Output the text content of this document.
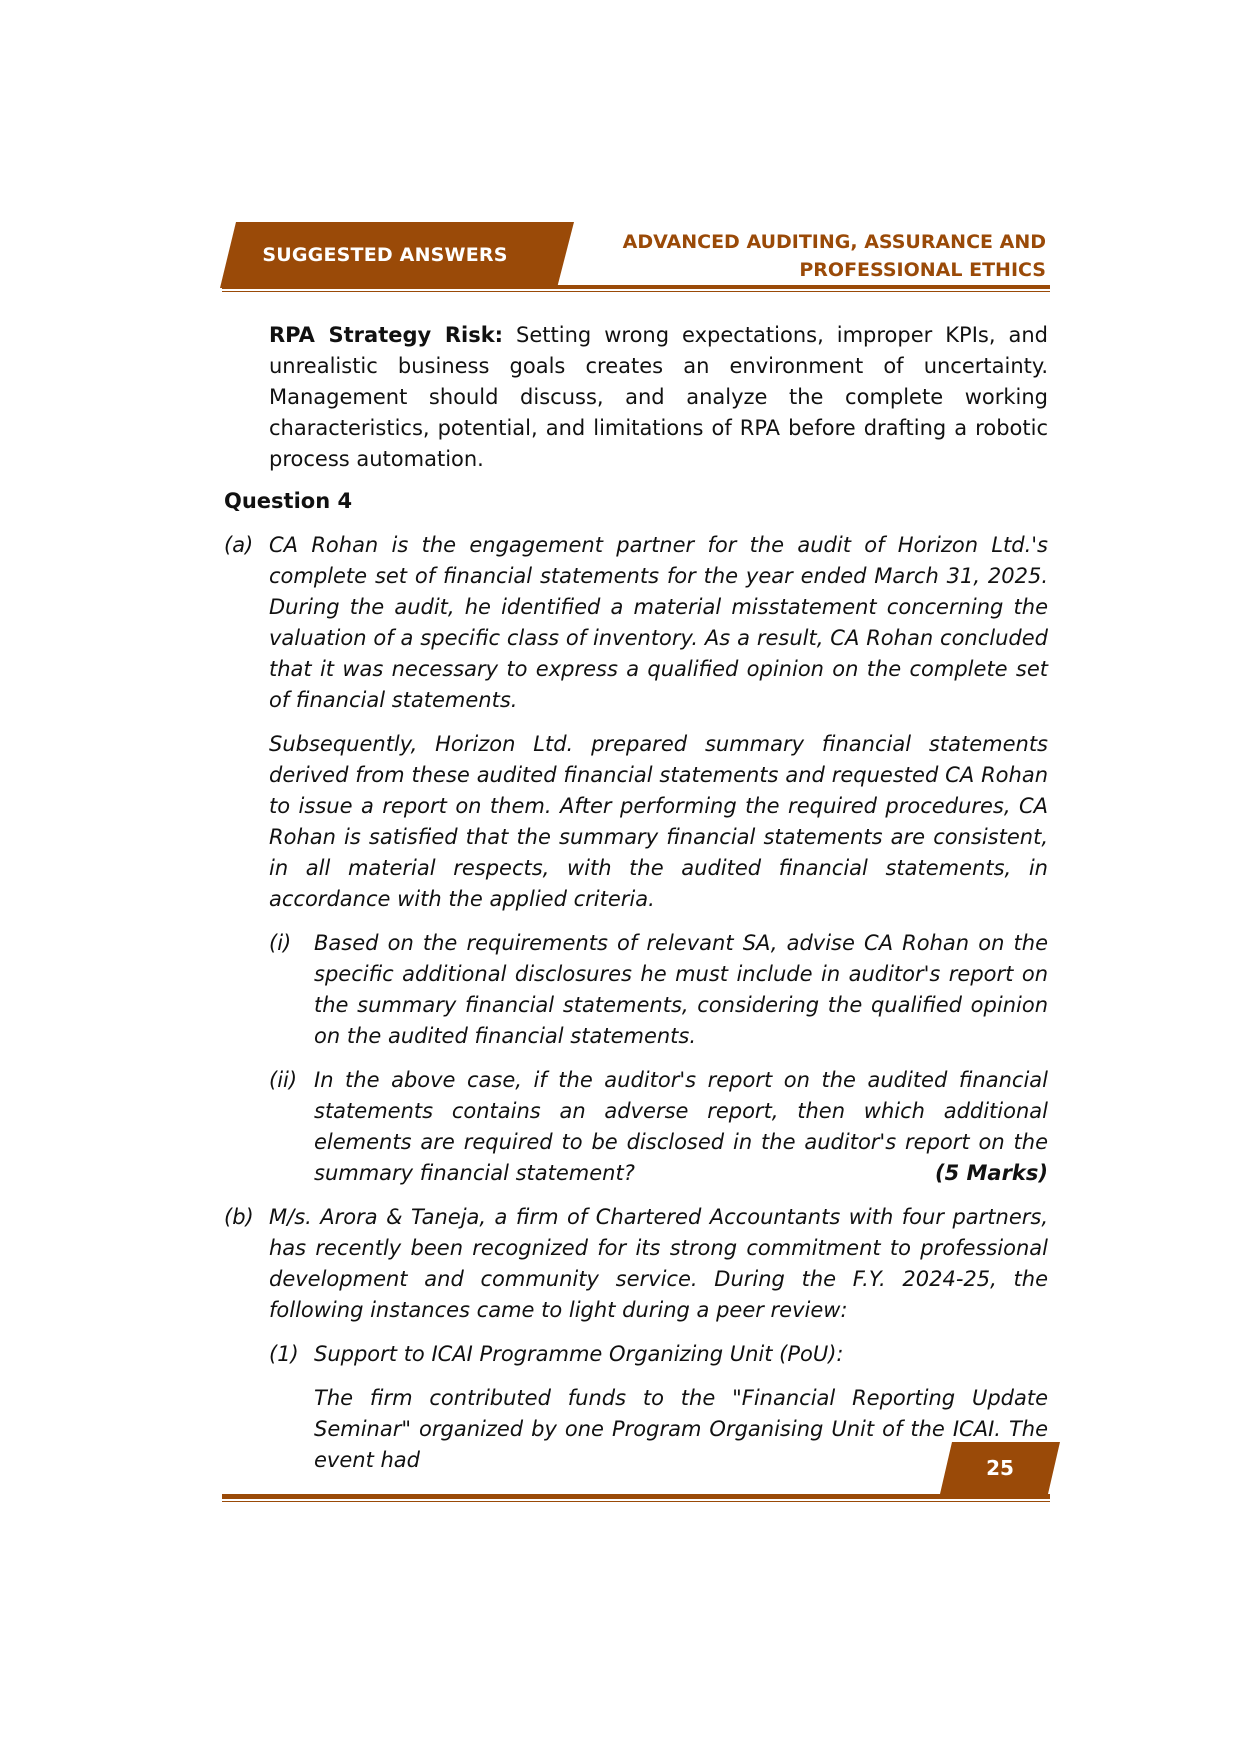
SUGGESTED ANSWERS
ADVANCED AUDITING, ASSURANCE AND
PROFESSIONAL ETHICS

RPA Strategy Risk: Setting wrong expectations, improper KPIs, and unrealistic business goals creates an environment of uncertainty. Management should discuss, and analyze the complete working characteristics, potential, and limitations of RPA before drafting a robotic process automation.

Question 4

(a) CA Rohan is the engagement partner for the audit of Horizon Ltd.'s complete set of financial statements for the year ended March 31, 2025. During the audit, he identified a material misstatement concerning the valuation of a specific class of inventory. As a result, CA Rohan concluded that it was necessary to express a qualified opinion on the complete set of financial statements.

Subsequently, Horizon Ltd. prepared summary financial statements derived from these audited financial statements and requested CA Rohan to issue a report on them. After performing the required procedures, CA Rohan is satisfied that the summary financial statements are consistent, in all material respects, with the audited financial statements, in accordance with the applied criteria.

(i)	Based on the requirements of relevant SA, advise CA Rohan on the specific additional disclosures he must include in auditor's report on the summary financial statements, considering the qualified opinion on the audited financial statements.

(ii) In the above case, if the auditor's report on the audited financial statements contains an adverse report, then which additional elements are required to be disclosed in the auditor's report on the summary financial statement?	(5 Marks)
(b) M/s. Arora & Taneja, a firm of Chartered Accountants with four partners, has recently been recognized for its strong commitment to professional development and community service. During the F.Y. 2024-25, the following instances came to light during a peer review:

(1) Support to ICAI Programme Organizing Unit (PoU):

The firm contributed funds to the "Financial Reporting Update Seminar" organized by one Program Organising Unit of the ICAI. The event had	25
